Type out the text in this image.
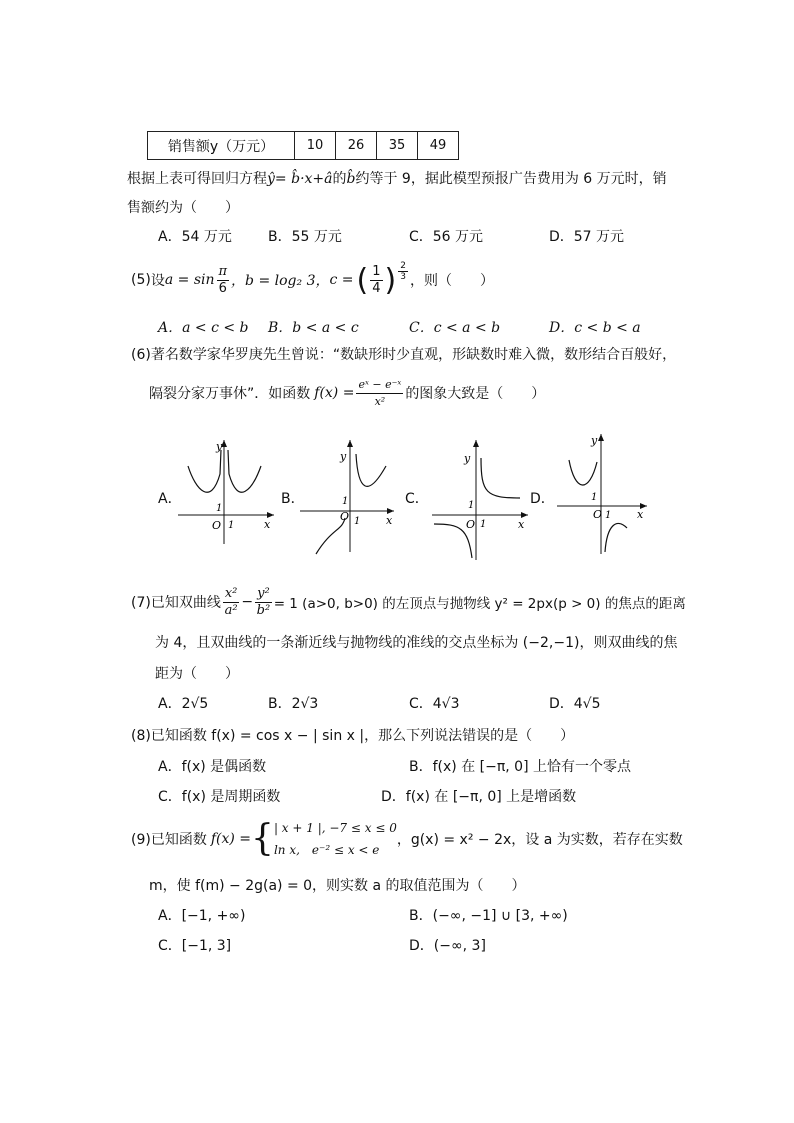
销售额y（万元）	10	26	35	49
根据上表可得回归方程ŷ= b̂·x+â的b̂约等于 9，据此模型预报广告费用为 6 万元时，销
售额约为（　　）
A．54 万元	B．55 万元	C．56 万元	D．57 万元
(5) 设 $a = \sin \frac{\pi}{6}$ ，b = log₂ 3， c = ( $\frac{1}{4}$ ) $\frac{2}{3}$ ，则（　　）
A．a < c < b B．b < a < c	C．c < a < b	D．c < b < a
(6)著名数学家华罗庚先生曾说：“数缺形时少直观，形缺数时难入微，数形结合百般好，
隔裂分家万事休”．如函数 $f(x) = \frac{\text{eˣ − e⁻ˣ}}{\text{x²}}$ 的图象大致是（　　）
A．
y
x
O 1
1
B．
y
x
O 1
1	C．
y
x
O 1
1	D．
O 1
1
x
y
(7)已知双曲线 $\frac{\text{x²}}{\text{a²}} - \frac{\text{y²}}{\text{b²}} = 1$ (a>0, b>0) 的左顶点与抛物线 y² = 2px(p > 0) 的焦点的距离
为 4，且双曲线的一条渐近线与抛物线的准线的交点坐标为 (−2,−1)，则双曲线的焦
距为（　　）
A．2√5	B．2√3	C．4√3	D．4√5
(8)已知函数 f(x) = cos x − | sin x |，那么下列说法错误的是（　　）
A．f(x) 是偶函数	B．f(x) 在 [−π, 0] 上恰有一个零点
C．f(x) 是周期函数	D．f(x) 在 [−π, 0] 上是增函数
(9)已知函数 f(x) = { | x + 1 |, −7 ≤ x ≤ 0
ln x,　e⁻² ≤ x < e
，g(x) = x² − 2x，设 a 为实数，若存在实数
m，使 f(m) − 2g(a) = 0，则实数 a 的取值范围为（　　）
A．[−1, +∞)	B．(−∞, −1] ∪ [3, +∞)
C．[−1, 3]	D．(−∞, 3]
